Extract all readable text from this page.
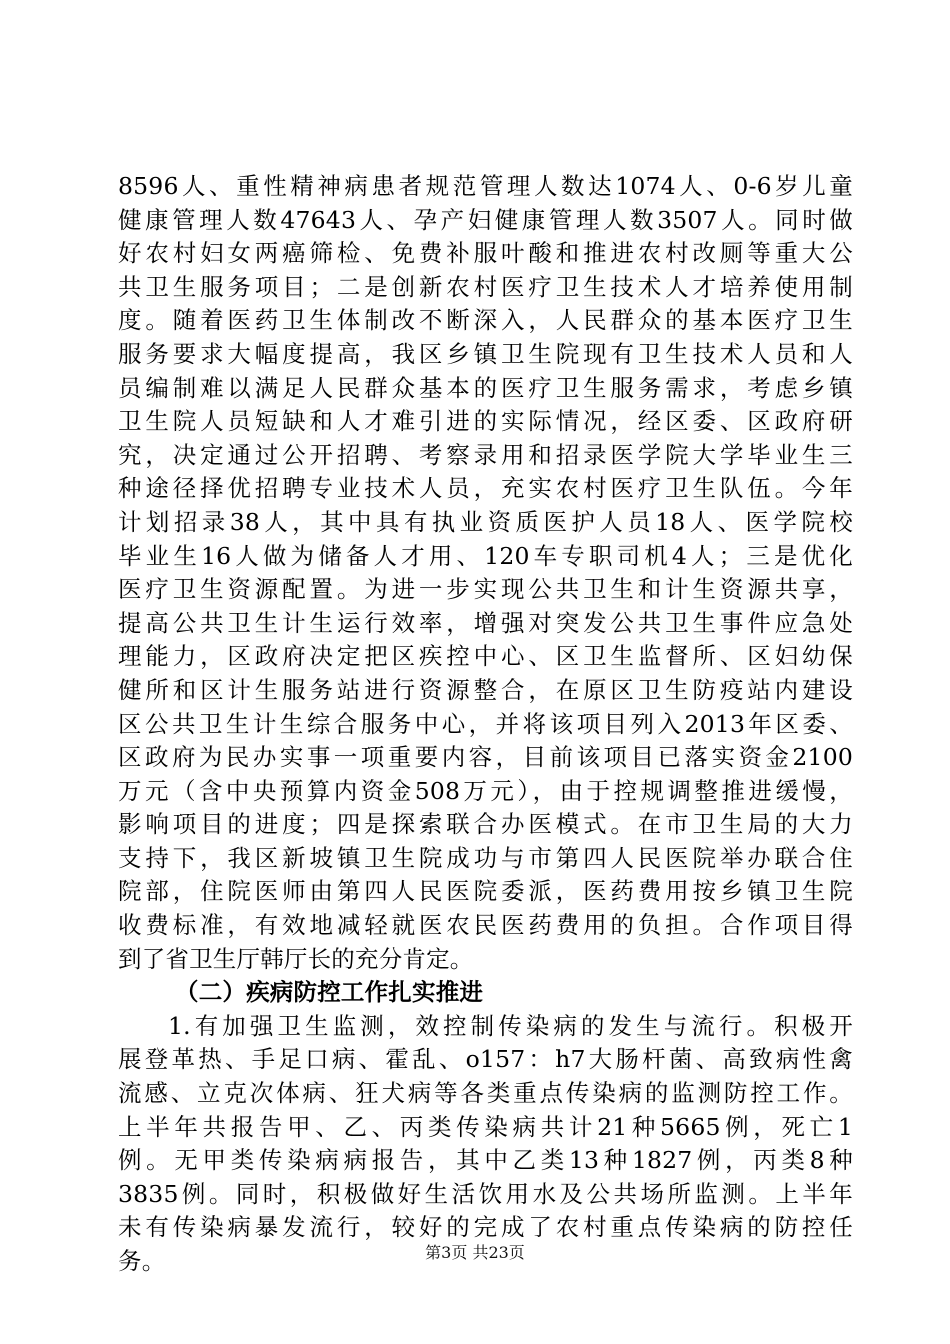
8596人、重性精神病患者规范管理人数达1074人、0-6岁儿童
健康管理人数47643人、孕产妇健康管理人数3507人。同时做
好农村妇女两癌筛检、免费补服叶酸和推进农村改厕等重大公
共卫生服务项目；二是创新农村医疗卫生技术人才培养使用制
度。随着医药卫生体制改不断深入，人民群众的基本医疗卫生
服务要求大幅度提高，我区乡镇卫生院现有卫生技术人员和人
员编制难以满足人民群众基本的医疗卫生服务需求，考虑乡镇
卫生院人员短缺和人才难引进的实际情况，经区委、区政府研
究，决定通过公开招聘、考察录用和招录医学院大学毕业生三
种途径择优招聘专业技术人员，充实农村医疗卫生队伍。今年
计划招录38人，其中具有执业资质医护人员18人、医学院校
毕业生16人做为储备人才用、120车专职司机4人；三是优化
医疗卫生资源配置。为进一步实现公共卫生和计生资源共享，
提高公共卫生计生运行效率，增强对突发公共卫生事件应急处
理能力，区政府决定把区疾控中心、区卫生监督所、区妇幼保
健所和区计生服务站进行资源整合，在原区卫生防疫站内建设
区公共卫生计生综合服务中心，并将该项目列入2013年区委、
区政府为民办实事一项重要内容，目前该项目已落实资金2100
万元（含中央预算内资金508万元），由于控规调整推进缓慢，
影响项目的进度；四是探索联合办医模式。在市卫生局的大力
支持下，我区新坡镇卫生院成功与市第四人民医院举办联合住
院部，住院医师由第四人民医院委派，医药费用按乡镇卫生院
收费标准，有效地减轻就医农民医药费用的负担。合作项目得
到了省卫生厅韩厅长的充分肯定。
（二）疾病防控工作扎实推进
1.有加强卫生监测，效控制传染病的发生与流行。积极开
展登革热、手足口病、霍乱、o157：h7大肠杆菌、高致病性禽
流感、立克次体病、狂犬病等各类重点传染病的监测防控工作。
上半年共报告甲、乙、丙类传染病共计21种5665例，死亡1
例。无甲类传染病病报告，其中乙类13种1827例，丙类8种
3835例。同时，积极做好生活饮用水及公共场所监测。上半年
未有传染病暴发流行，较好的完成了农村重点传染病的防控任
务。	第3页 共23页
